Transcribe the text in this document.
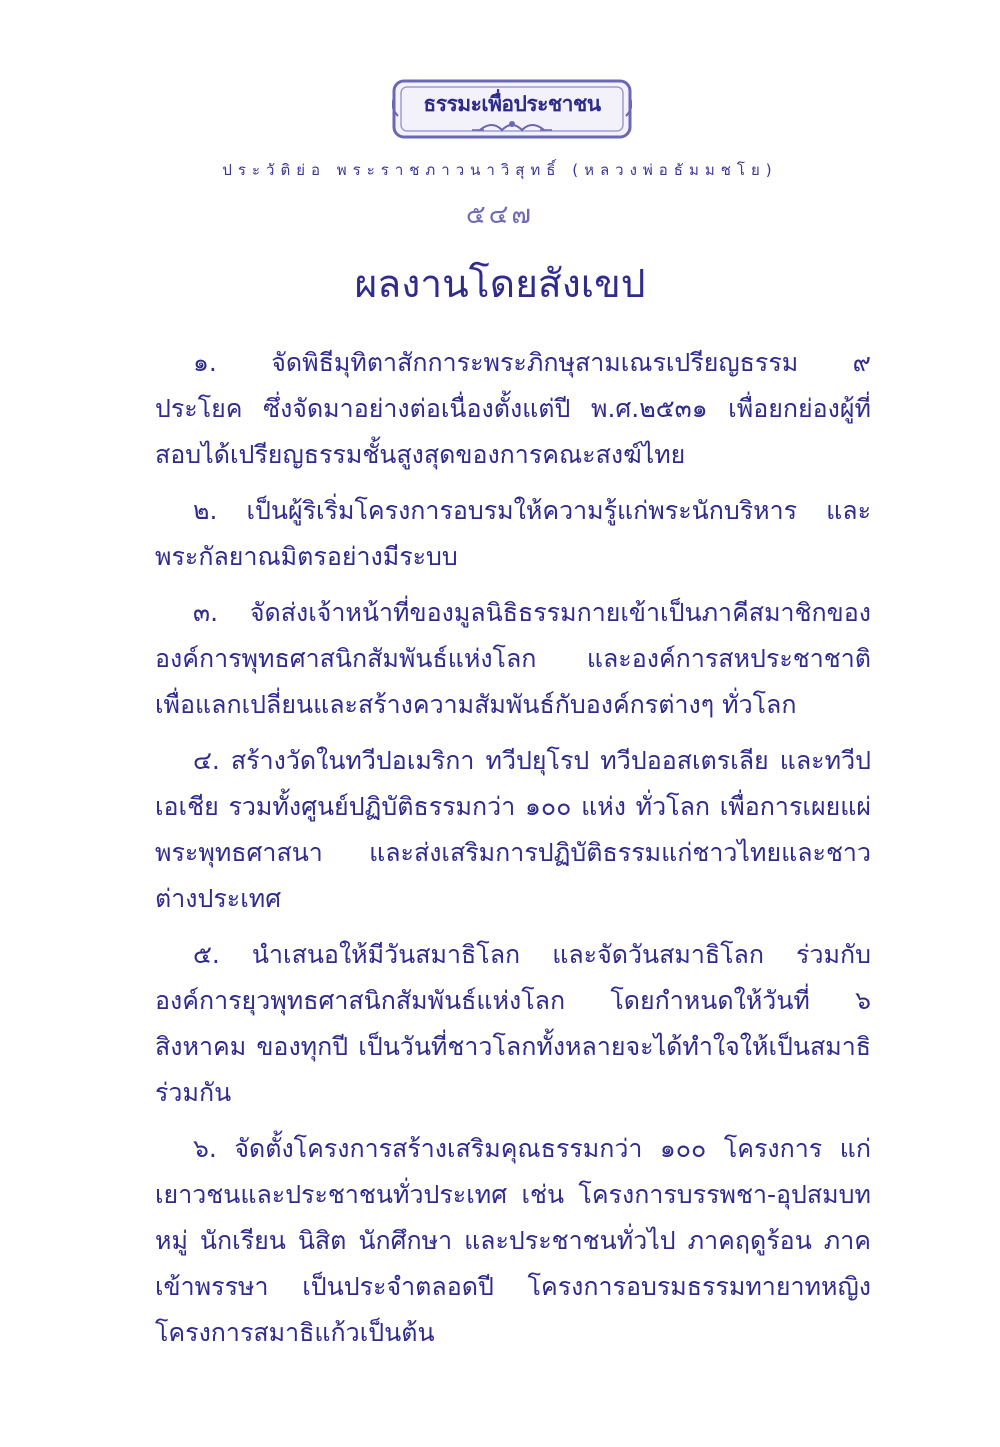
ธรรมะเพื่อประชาชน
ประวัติย่อ พระราชภาวนาวิสุทธิ์ (หลวงพ่อธัมมชโย)
๕๔๗
ผลงานโดยสังเขป

๑. จัดพิธีมุทิตาสักการะพระภิกษุสามเณรเปรียญธรรม ๙ ประโยค ซึ่งจัดมาอย่างต่อเนื่องตั้งแต่ปี พ.ศ.๒๕๓๑ เพื่อยกย่องผู้ที่สอบได้เปรียญธรรมชั้นสูงสุดของการคณะสงฆ์ไทย

๒. เป็นผู้ริเริ่มโครงการอบรมให้ความรู้แก่พระนักบริหาร และพระกัลยาณมิตรอย่างมีระบบ

๓. จัดส่งเจ้าหน้าที่ของมูลนิธิธรรมกายเข้าเป็นภาคีสมาชิกขององค์การพุทธศาสนิกสัมพันธ์แห่งโลก และองค์การสหประชาชาติ เพื่อแลกเปลี่ยนและสร้างความสัมพันธ์กับองค์กรต่างๆ ทั่วโลก

๔. สร้างวัดในทวีปอเมริกา ทวีปยุโรป ทวีปออสเตรเลีย และทวีปเอเชีย รวมทั้งศูนย์ปฏิบัติธรรมกว่า ๑๐๐ แห่ง ทั่วโลก เพื่อการเผยแผ่พระพุทธศาสนา และส่งเสริมการปฏิบัติธรรมแก่ชาวไทยและชาวต่างประเทศ

๕. นำเสนอให้มีวันสมาธิโลก และจัดวันสมาธิโลก ร่วมกับองค์การยุวพุทธศาสนิกสัมพันธ์แห่งโลก โดยกำหนดให้วันที่ ๖ สิงหาคม ของทุกปี เป็นวันที่ชาวโลกทั้งหลายจะได้ทำใจให้เป็นสมาธิร่วมกัน

๖. จัดตั้งโครงการสร้างเสริมคุณธรรมกว่า ๑๐๐ โครงการ แก่เยาวชนและประชาชนทั่วประเทศ เช่น โครงการบรรพชา-อุปสมบทหมู่ นักเรียน นิสิต นักศึกษา และประชาชนทั่วไป ภาคฤดูร้อน ภาคเข้าพรรษา เป็นประจำตลอดปี โครงการอบรมธรรมทายาทหญิง โครงการสมาธิแก้วเป็นต้น
